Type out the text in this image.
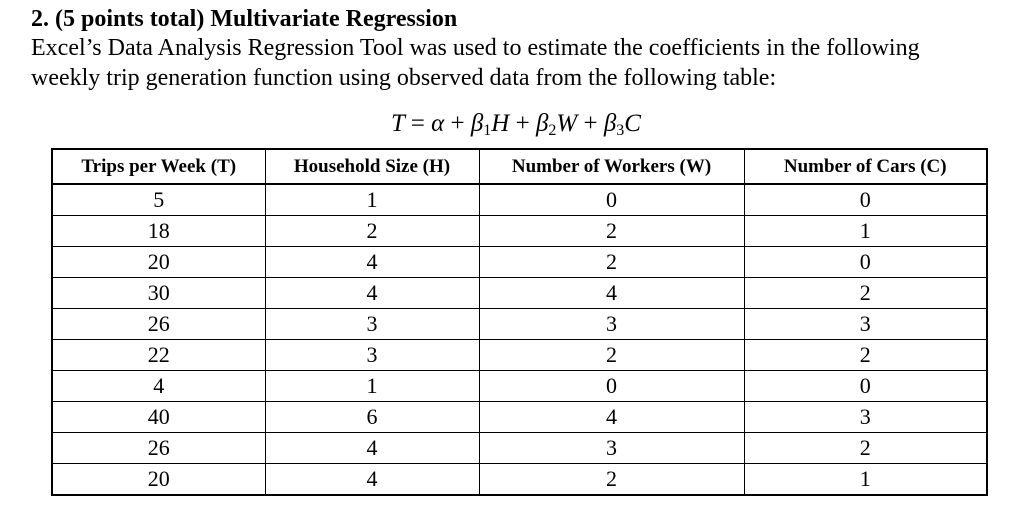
2. (5 points total) Multivariate Regression
Excel’s Data Analysis Regression Tool was used to estimate the coefficients in the following
weekly trip generation function using observed data from the following table:
$T = \alpha + \beta_1H + \beta_2W + \beta_3C$
Trips per Week (T)	Household Size (H)	Number of Workers (W)	Number of Cars (C)
5	1	0	0
18	2	2	1
20	4	2	0
30	4	4	2
26	3	3	3
22	3	2	2
4	1	0	0
40	6	4	3
26	4	3	2
20	4	2	1
